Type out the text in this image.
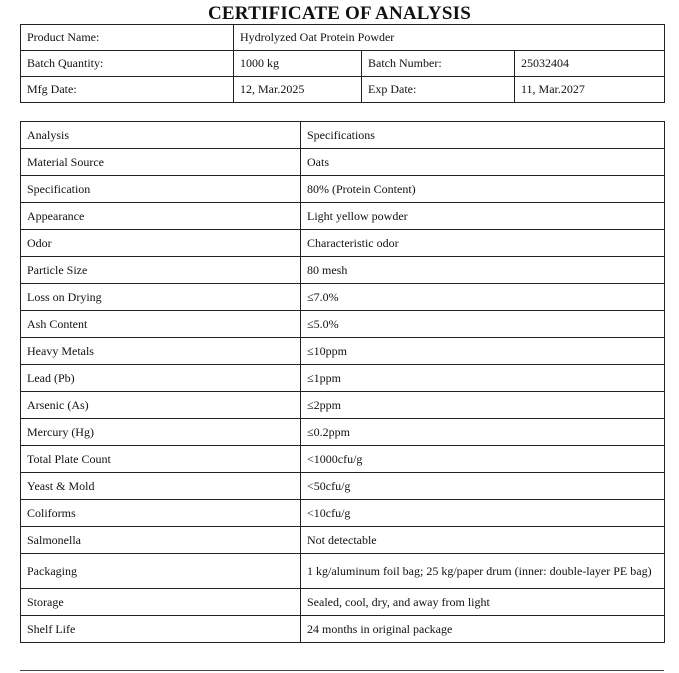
CERTIFICATE OF ANALYSIS
Product Name:	Hydrolyzed Oat Protein Powder		
Batch Quantity:	1000 kg	Batch Number:	25032404
Mfg Date:	12, Mar.2025	Exp Date:	11, Mar.2027
Analysis	Specifications
Material Source	Oats
Specification	80% (Protein Content)
Appearance	Light yellow powder
Odor	Characteristic odor
Particle Size	80 mesh
Loss on Drying	≤7.0%
Ash Content	≤5.0%
Heavy Metals	≤10ppm
Lead (Pb)	≤1ppm
Arsenic (As)	≤2ppm
Mercury (Hg)	≤0.2ppm
Total Plate Count	<1000cfu/g
Yeast & Mold	<50cfu/g
Coliforms	<10cfu/g
Salmonella	Not detectable
Packaging	1 kg/aluminum foil bag; 25 kg/paper drum (inner: double-layer PE bag)
Storage	Sealed, cool, dry, and away from light
Shelf Life	24 months in original package
